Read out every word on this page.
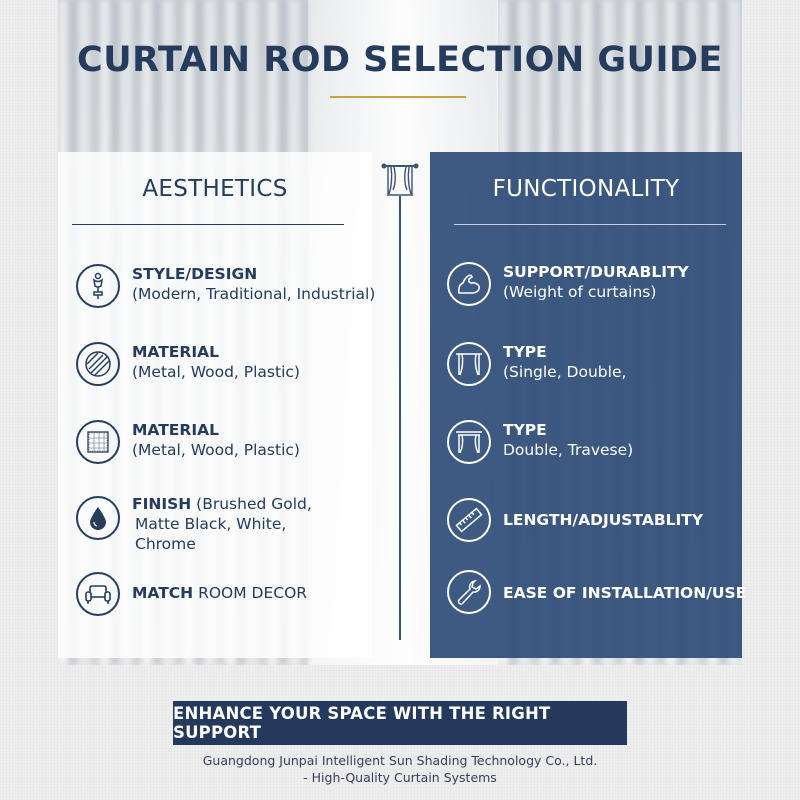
CURTAIN ROD SELECTION GUIDE
AESTHETICS	FUNCTIONALITY
STYLE/DESIGN
(Modern, Traditional, Industrial)
MATERIAL
(Metal, Wood, Plastic)
MATERIAL
(Metal, Wood, Plastic)
FINISH (Brushed Gold,
Matte Black, White,
Chrome
MATCH ROOM DECOR
SUPPORT/DURABLITY
(Weight of curtains)
TYPE
(Single, Double,
TYPE
Double, Travese)
LENGTH/ADJUSTABLITY
EASE OF INSTALLATION/USE
ENHANCE YOUR SPACE WITH THE RIGHT SUPPORT
Guangdong Junpai Intelligent Sun Shading Technology Co., Ltd.
- High-Quality Curtain Systems
